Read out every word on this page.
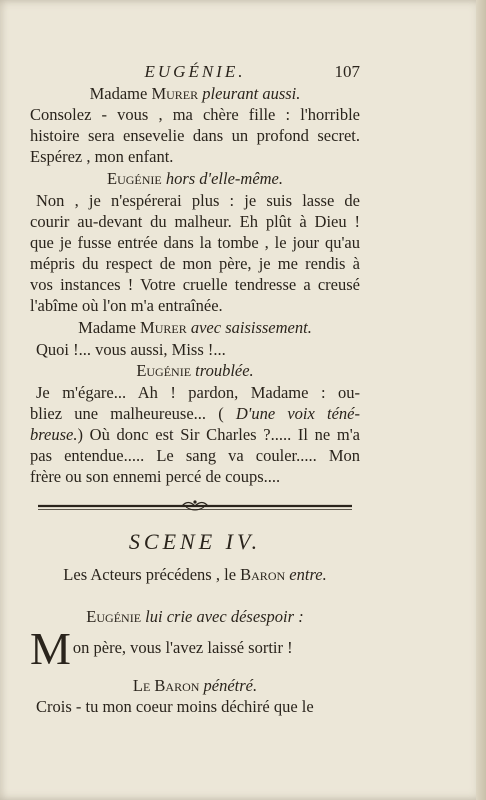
EUGÉNIE.	107
Madame Murer pleurant aussi.
Consolez - vous , ma chère fille : l'horrible
histoire sera ensevelie dans un profond secret.
Espérez , mon enfant.
Eugénie hors d'elle-même.
Non , je n'espérerai plus : je suis lasse de
courir au-devant du malheur. Eh plût à Dieu !
que je fusse entrée dans la tombe , le jour qu'au
mépris du respect de mon père, je me rendis à
vos instances ! Votre cruelle tendresse a creusé
l'abîme où l'on m'a entraînée.
Madame Murer avec saisissement.
Quoi !... vous aussi, Miss !...
Eugénie troublée.
Je m'égare... Ah ! pardon, Madame : ou-
bliez une malheureuse... ( D'une voix téné-
breuse.) Où donc est Sir Charles ?..... Il ne m'a
pas entendue..... Le sang va couler..... Mon
frère ou son ennemi percé de coups....
SCENE IV.
Les Acteurs précédens , le Baron entre.
Eugénie lui crie avec désespoir :
M on père, vous l'avez laissé sortir !
Le Baron pénétré.
Crois - tu mon coeur moins déchiré que le
